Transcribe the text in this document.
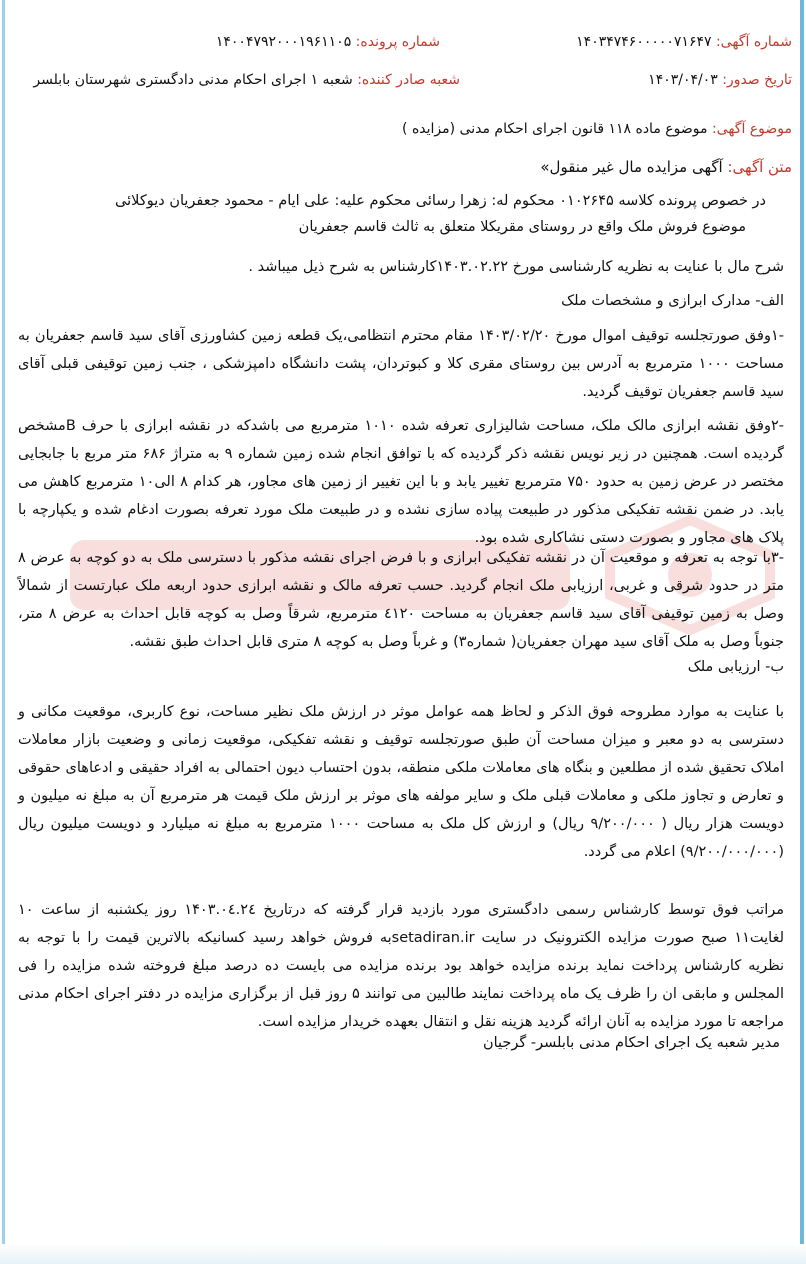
شماره آگهی: ۱۴۰۳۴۷۴۶۰۰۰۰۰۷۱۶۴۷
شماره پرونده: ۱۴۰۰۴۷۹۲۰۰۰۱۹۶۱۱۰۵
تاریخ صدور: ۱۴۰۳/۰۴/۰۳
شعبه صادر کننده: شعبه ۱ اجرای احکام مدنی دادگستری شهرستان بابلسر
موضوع آگهی: موضوع ماده ۱۱۸ قانون اجرای احکام مدنی (مزایده )
متن آگهی: آگهی مزایده مال غیر منقول»
در خصوص پرونده کلاسه ۰۱۰۲۶۴۵ محکوم له: زهرا رسائی محکوم علیه: علی ایام - محمود جعفریان دیوکلائی
موضوع فروش ملک واقع در روستای مقریکلا متعلق به ثالث قاسم جعفریان
شرح مال با عنایت به نظریه کارشناسی مورخ ۱۴۰۳.۰۲.۲۲کارشناس به شرح ذیل میباشد .
الف- مدارک ابرازی و مشخصات ملک
-۱وفق صورتجلسه توقیف اموال مورخ ۱۴۰۳/۰۲/۲۰ مقام محترم انتظامی،یک قطعه زمین کشاورزی آقای سید قاسم جعفریان به مساحت ۱۰۰۰ مترمربع به آدرس بین روستای مقری کلا و کبوتردان، پشت دانشگاه دامپزشکی ، جنب زمین توقیفی قبلی آقای سید قاسم جعفریان توقیف گردید.
-۲وفق نقشه ابرازی مالک ملک، مساحت شالیزاری تعرفه شده ۱۰۱۰ مترمربع می باشدکه در نقشه ابرازی با حرف Bمشخص گردیده است. همچنین در زیر نویس نقشه ذکر گردیده که با توافق انجام شده زمین شماره ۹ به متراژ ۶۸۶ متر مربع با جابجایی مختصر در عرض زمین به حدود ۷۵۰ مترمربع تغییر یابد و با این تغییر از زمین های مجاور، هر کدام ۸ الی۱۰ مترمربع کاهش می یابد. در ضمن نقشه تفکیکی مذکور در طبیعت پیاده سازی نشده و در طبیعت ملک مورد تعرفه بصورت ادغام شده و یکپارچه با پلاک های مجاور و بصورت دستی نشاکاری شده بود.
-۳با توجه به تعرفه و موقعیت آن در نقشه تفکیکی ابرازی و با فرض اجرای نقشه مذکور با دسترسی ملک به دو کوچه به عرض ۸ متر در حدود شرقی و غربی، ارزیابی ملک انجام گردید. حسب تعرفه مالک و نقشه ابرازی حدود اربعه ملک عبارتست از شمالاً وصل به زمین توقیفی آقای سید قاسم جعفریان به مساحت ٤١٢٠ مترمربع، شرقاً وصل به کوچه قابل احداث به عرض ۸ متر، جنوباً وصل به ملک آقای سید مهران جعفریان( شماره۳) و غرباً وصل به کوچه ۸ متری قابل احداث طبق نقشه.
ب- ارزیابی ملک
با عنایت به موارد مطروحه فوق الذکر و لحاظ همه عوامل موثر در ارزش ملک نظیر مساحت، نوع کاربری، موقعیت مکانی و دسترسی به دو معبر و میزان مساحت آن طبق صورتجلسه توقیف و نقشه تفکیکی، موقعیت زمانی و وضعیت بازار معاملات املاک تحقیق شده از مطلعین و بنگاه های معاملات ملکی منطقه، بدون احتساب دیون احتمالی به افراد حقیقی و ادعاهای حقوقی و تعارض و تجاوز ملکی و معاملات قبلی ملک و سایر مولفه های موثر بر ارزش ملک قیمت هر مترمربع آن به مبلغ نه میلیون و دویست هزار ریال ( ۹/۲۰۰/۰۰۰ ریال) و ارزش کل ملک به مساحت ۱۰۰۰ مترمربع به مبلغ نه میلیارد و دویست میلیون ریال (۹/۲۰۰/۰۰۰/۰۰۰) اعلام می گردد.
مراتب فوق توسط کارشناس رسمی دادگستری مورد بازدید قرار گرفته که درتاریخ ۱۴۰۳.۰٤.۲٤ روز یکشنبه از ساعت ۱۰ لغایت۱۱ صبح صورت مزایده الکترونیک در سایت setadiran.irبه فروش خواهد رسید کسانیکه بالاترین قیمت را با توجه به نظریه کارشناس پرداخت نماید برنده مزایده خواهد بود برنده مزایده می بایست ده درصد مبلغ فروخته شده مزایده را فی المجلس و مابقی ان را ظرف یک ماه پرداخت نمایند طالبین می توانند ۵ روز قبل از برگزاری مزایده در دفتر اجرای احکام مدنی مراجعه تا مورد مزایده به آنان ارائه گردید هزینه نقل و انتقال بعهده خریدار مزایده است.
مدیر شعبه یک اجرای احکام مدنی بابلسر- گرجیان
